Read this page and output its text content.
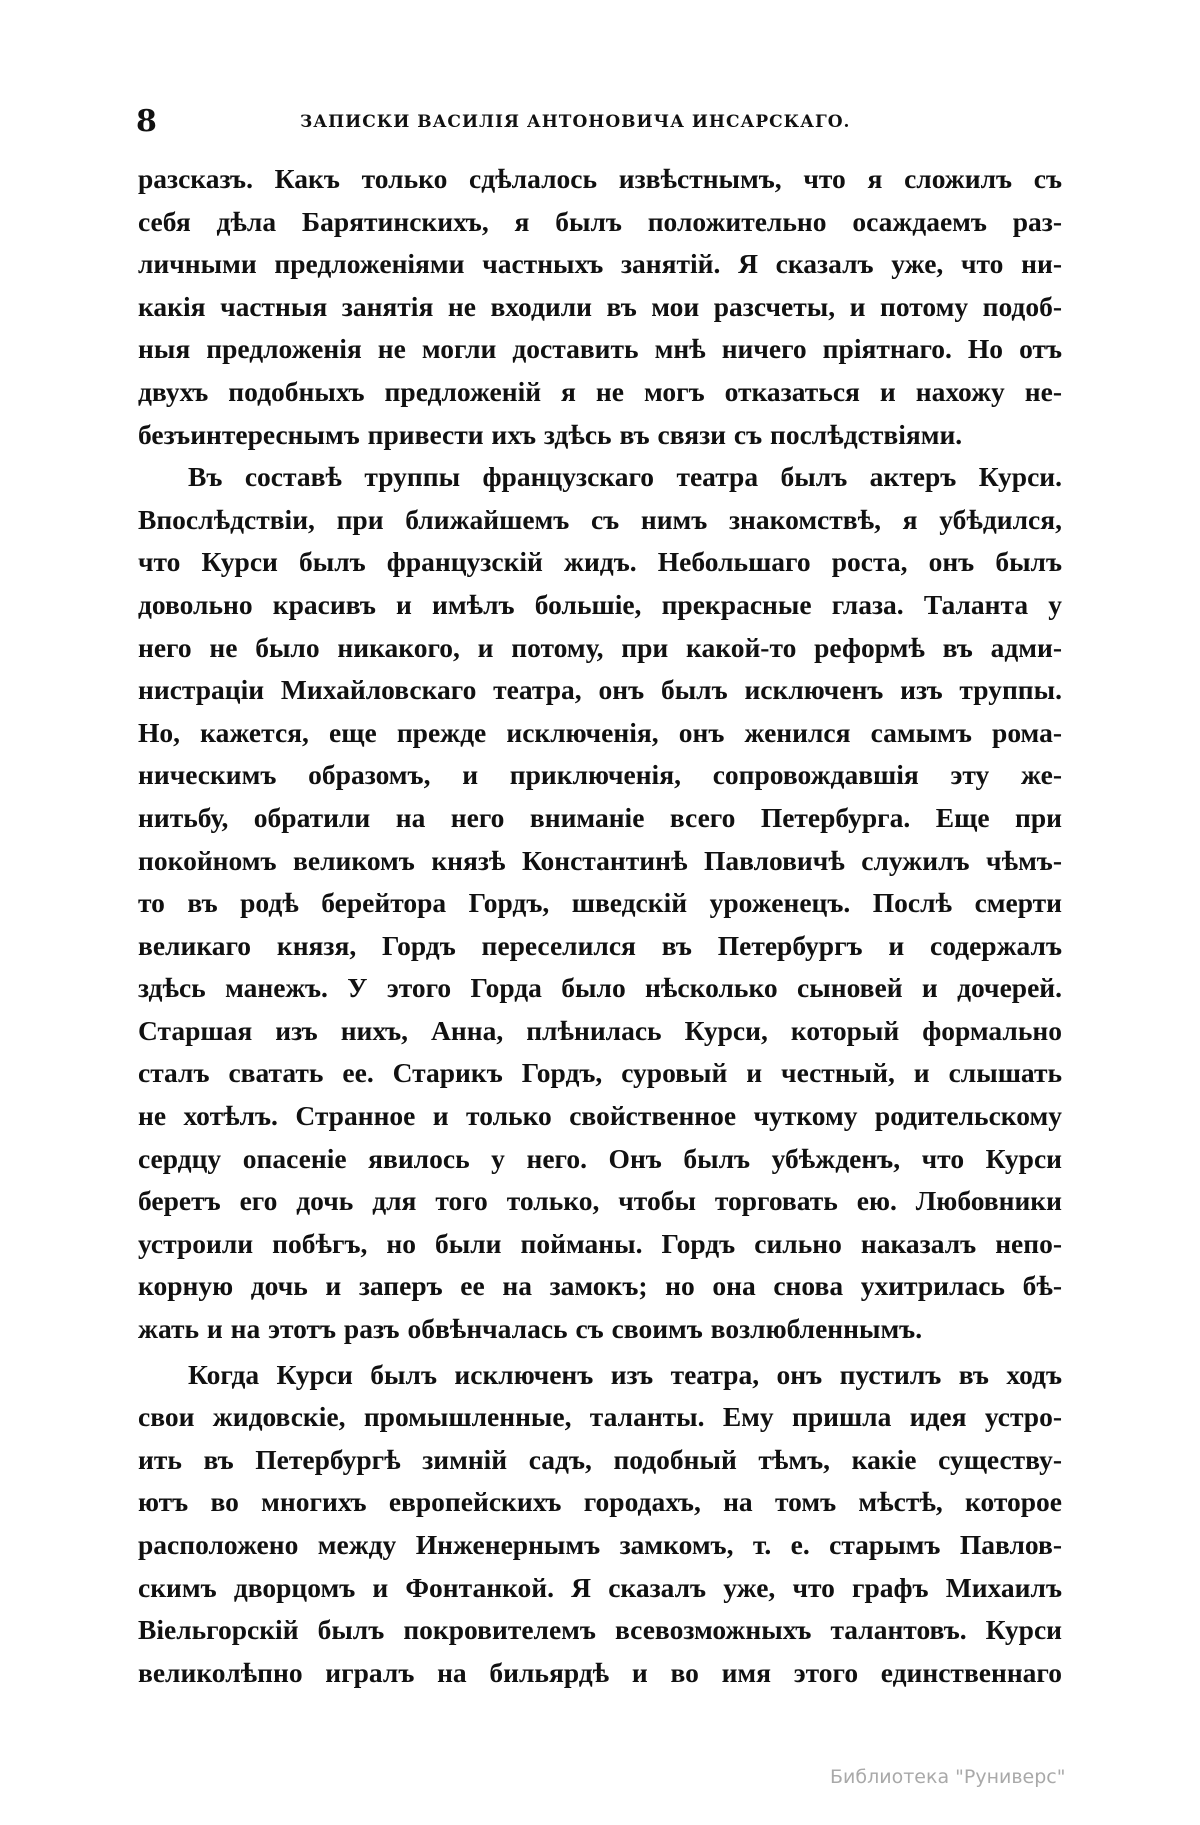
8	ЗАПИСКИ ВАСИЛІЯ АНТОНОВИЧА ИНСАРСКАГО.

разсказъ. Какъ только сдѣлалось извѣстнымъ, что я сложилъ съ
себя дѣла Барятинскихъ, я былъ положительно осаждаемъ раз-
личными предложеніями частныхъ занятій. Я сказалъ уже, что ни-
какія частныя занятія не входили въ мои разсчеты, и потому подоб-
ныя предложенія не могли доставить мнѣ ничего пріятнаго. Но отъ
двухъ подобныхъ предложеній я не могъ отказаться и нахожу не-
безъинтереснымъ привести ихъ здѣсь въ связи съ послѣдствіями.

Въ составѣ труппы французскаго театра былъ актеръ Курси.
Впослѣдствіи, при ближайшемъ съ нимъ знакомствѣ, я убѣдился,
что Курси былъ французскій жидъ. Небольшаго роста, онъ былъ
довольно красивъ и имѣлъ большіе, прекрасные глаза. Таланта у
него не было никакого, и потому, при какой-то реформѣ въ адми-
нистраціи Михайловскаго театра, онъ былъ исключенъ изъ труппы.
Но, кажется, еще прежде исключенія, онъ женился самымъ рома-
ническимъ образомъ, и приключенія, сопровождавшія эту же-
нитьбу, обратили на него вниманіе всего Петербурга. Еще при
покойномъ великомъ князѣ Константинѣ Павловичѣ служилъ чѣмъ-
то въ родѣ берейтора Гордъ, шведскій уроженецъ. Послѣ смерти
великаго князя, Гордъ переселился въ Петербургъ и содержалъ
здѣсь манежъ. У этого Горда было нѣсколько сыновей и дочерей.
Старшая изъ нихъ, Анна, плѣнилась Курси, который формально
сталъ сватать ее. Старикъ Гордъ, суровый и честный, и слышать
не хотѣлъ. Странное и только свойственное чуткому родительскому
сердцу опасеніе явилось у него. Онъ былъ убѣжденъ, что Курси
беретъ его дочь для того только, чтобы торговать ею. Любовники
устроили побѣгъ, но были пойманы. Гордъ сильно наказалъ непо-
корную дочь и заперъ ее на замокъ; но она снова ухитрилась бѣ-
жать и на этотъ разъ обвѣнчалась съ своимъ возлюбленнымъ.

Когда Курси былъ исключенъ изъ театра, онъ пустилъ въ ходъ
свои жидовскіе, промышленные, таланты. Ему пришла идея устро-
ить въ Петербургѣ зимній садъ, подобный тѣмъ, какіе существу-
ютъ во многихъ европейскихъ городахъ, на томъ мѣстѣ, которое
расположено между Инженернымъ замкомъ, т. е. старымъ Павлов-
скимъ дворцомъ и Фонтанкой. Я сказалъ уже, что графъ Михаилъ
Віельгорскій былъ покровителемъ всевозможныхъ талантовъ. Курси
великолѣпно игралъ на бильярдѣ и во имя этого единственнаго

Библиотека "Руниверс"
